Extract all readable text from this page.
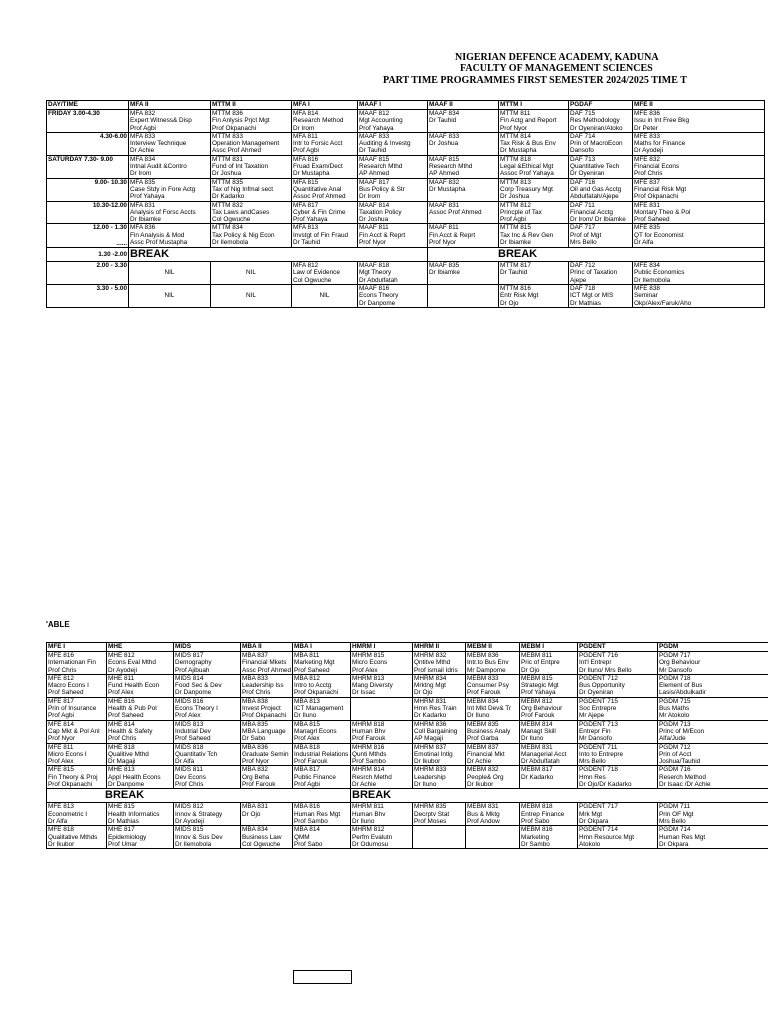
NIGERIAN DEFENCE ACADEMY, KADUNA
FACULTY OF MANAGEMENT SCIENCES
PART TIME PROGRAMMES FIRST SEMESTER 2024/2025 TIME T
DAY/TIME	MFA II	MTTM II	MFA I	MAAF I	MAAF II	MTTM I	PGDAF	MFE II

FRIDAY 3.00-4.30	MFA 832
Expert Witness& Disp
Prof Agbi	MTTM 836
Fin Anlysis Prjct Mgt
Prof Okpanachi	MFA 814
Research Method
Dr Irom	MAAF 812
Mgt Accounting
Prof Yahaya	MAAF 834
Dr Tauhid	MTTM 811
Fin Actg and Report
Prof Nyor	DAF 715
Res Methodology
Dr Oyeniran/Atoko	MFE 836
Issu in Int Free Bkg
Dr Peter

4.30-6.00	MFA 833
Interview Technique
Dr Achie	MTTM 833
Operation Management
Assc Prof Ahmed	MFA 811
Intr to Forsic Acct
Prof Agbi	MAAF 833
Auditing & Investg
Dr Tauhid	MAAF 833
Dr Joshua	MTTM 814
Tax Risk & Bus Env
Dr Mustapha	DAF 714
Prin of MacroEcon
Dansofo	MFE 833
Maths for Finance
Dr Ayodeji

SATURDAY 7.30- 9.00	MFA 834
Intnal Audit &Contro
Dr Irom	MTTM 831
Fund of Int Taxation
Dr Joshua	MFA 816
Fruad Exam/Dect
Dr Mustapha	MAAF 815
Research Mthd
AP Ahmed	MAAF 815
Research Mthd
AP Ahmed	MTTM 818
Legal &Ethical Mgt
Assoc Prof Yahaya	DAF 713
Quantitative Tech
Dr Oyeniran	MFE 832
Financial Econs
Prof Chris

9.00- 10.30	MFA 835
Case Stdy in Fore Actg
Prof Yahaya	MTTM 835
Tax of Nig Infmal sect
Dr Kadarko	MFA 815
Quantitative Anal
Assoc Prof Ahmed	MAAF 817
Bus Policy & Str
Dr Irom	MAAF 832
Dr Mustapha	MTTM 813
Corp Treasury Mgt
Dr Joshua	DAF 716
Oil and Gas Acctg
Abdulfatah/Ajepe	MFE 837
Financial Risk Mgt
Prof Okpanachi

10.30-12.00	MFA 831
Analysis of Forsc Accts
Dr Ibiamke	MTTM 832
Tax Laws andCases
Col Ogwuche	MFA 817
Cyber & Fin Crime
Prof Yahaya	MAAF 814
Taxation Policy
Dr Joshua	MAAF 831
Assoc Prof Ahmed	MTTM 812
Princple of Tax
Prof Agbi	DAF 711
Financial Acctg
Dr Irom/ Dr Ibiamke	MFE 831
Montary Theo & Pol
Prof Saheed

12.00 - 1.30
......	MFA 836
Fin Analysis & Mod
Assc Prof Mustapha	MTTM 834
Tax Policy & Nig Econ
Dr Ilemobola	MFA 813
Invstgt of Fin Fraud
Dr Tauhid	MAAF 811
Fin Acct & Reprt
Prof Nyor	MAAF 811
Fin Acct & Reprt
Prof Nyor	MTTM 815
Tax Inc & Rev Gen
Dr Ibiamke	DAF 717
Prof of Mgt
Mrs Bello	MFE 835
QT for Economist
Dr Alfa

1.30 -2.00	BREAK				BREAK			

2.00 - 3.30	NIL	NIL	MFA 812
Law of Evidence
Col Ogwuche	MAAF 818
Mgt Theory
Dr Abdulfatah	MAAF 835
Dr Ibiamke	MTTM 817
Dr Tauhid	DAF 712
Princ of Taxation
Ajepe	MFE 834
Public Economics
Dr Ilemobola

3.30 - 5.00	NIL	NIL	NIL	MAAF 816
Econs Theory
Dr Danpome		MTTM 816
Entr Risk Mgt
Dr Ojo	DAF 718
ICT Mgt or MIS
Dr Mathias	MFE 838
Seminar
Okp/Alex/Faruk/Aho
'ABLE
MFE I	MHE	MIDS	MBA II	MBA I	HMRM I	MHRM II	MEBM II	MEBM I	PGDENT	PGDM

MFE 816
Internationan Fin
Prof Chris	MHE 812
Econs Eval Mthd
Dr Ayodeji	MIDS 817
Demography
Prof Ajibuah	MBA 837
Financial Mkets
Assc Prof Ahmed	MBA 811
Marketing Mgt
Prof Saheed	MHRM 815
Micro Econs
Prof Alex	MHRM 832
Qntitve Mthd
Prof ismail Idris	MEBM 836
Intr.to Bus Env
Mr Dampome	MEBM 811
Pric of Entpre
Dr Ojo	PGDENT 716
Int'l Entrepr
Dr Iluno/ Mrs Bello	PGDM 717
Org Behaviour
Mr Dansofo

MFE 812
Macro Econs I
Prof Saheed	MHE 811
Fund Health Econ
Prof Alex	MIDS 814
Food Sec & Dev
Dr Danpome	MBA 833
Leadership Iss
Prof Chris	MBA 812
Intro to Acctg
Prof Okpanachi	MHRM 813
Mang Diversty
Dr Issac	MHRM 834
Mrktng Mgt
Dr Ojo	MEBM 833
Consumer Psy
Prof Farouk	MEBM 815
Strategic Mgt
Prof Yahaya	PGDENT 712
Bus Opportunity
Dr Oyeniran	PGDM 718
Element of Bus
Lasis/Abdulkadir

MFE 817
Prin of Insurance
Prof Agbi	MHE 816
Health & Pub Pol
Prof Saheed	MIDS 816
Econs Theory I
Prof Alex	MBA 838
Invest Project
Prof Okpanachi	MBA 813
ICT Management
Dr Iluno		MHRM 831
Hmn Res Train
Dr Kadarko	MEBM 834
Int Mkt Dev& Tr
Dr Iluno	MEBM 812
Org Behaviour
Prof Farouk	PGDENT 715
Soc Entrepre
Mr Ajepe	PGDM 715
Bus Maths
Mr Atokolo

MFE 814
Cap Mkt & Pol Anl
Prof Nyor	MHE 814
Health & Safety
Prof Chris	MIDS 813
Indutrial Dev
Prof Saheed	MBA 835
MBA Language
Dr Sabo	MBA 815
Managrl Econs
Prof Alex	MHRM 818
Human Bhv
Prof Farouk	MHRM 836
Coll Bargaining
AP Magaji	MEBM 835
Business Analy
Prof Garba	MEBM 814
Managt Skill
Dr Iluno	PGDENT 713
Entrepr Fin
Mr Dansofo	PGDM 713
Princ of M/Econ
Alfa/Jude

MFE 811
Micro Econs I
Prof Alex	MHE 818
Qualitive Mthd
Dr Magaji	MIDS 818
Quantitativ Tch
Dr Alfa	MBA 836
Graduate Semin
Prof Nyor	MBA 818
Industrial Relations
Prof Farouk	MHRM 816
Qunti Mthds
Prof Sambo	MHRM 837
Emotinal Intlg
Dr Ikubor	MEBM 837
Financial Mkt
Dr Achie	MEBM 831
Managerial Acct
Dr Abdulfatah	PGDENT 711
Into to Entrepre
Mrs Bello	PGDM 712
Prin of Acct
Joshua/Tauhid

MFE 815
Fin Theory & Proj
Prof Okpanachi	MHE 813
Appl Health Econs
Dr Danpome	MIDS 811
Dev Econs
Prof Chris	MBA 832
Org Beha
Prof Farouk	MBA 817
Public Finance
Prof Agbi	MHRM 814
Resrch Methd
Dr Achie	MHRM 833
Leadership
Dr Iluno	MEBM 832
People& Org
Dr Ikubor	MEBM 817
Dr Kadarko	PGDENT 718
Hmn Res
Dr Ojo/Dr Kadarko	PGDM 716
Reserch Method
Dr Isaac /Dr Achie

BREAK					BREAK					

MFE 813
Econometric I
Dr Alfa	MHE 815
Health Informatics
Dr Mathias	MIDS 812
Innov & Strategy
Dr Ayodeji	MBA 831
Dr Ojo	MBA 816
Human Res Mgt
Prof Sambo	MHRM 811
Human Bhv
Dr Iluno	MHRM 835
Decrptv Stat
Prof Moses	MEBM 831
Bus & Mktg
Prof Andow	MEBM 818
Entrep Finance
Prof Sabo	PGDENT 717
Mrk Mgt
Dr Okpara	PGDM 711
Prin OF Mgt
Mrs Bello

MFE 818
Qualitative Mthds
Dr Ikubor	MHE 817
Epidemiology
Prof Umar	MIDS 815
Innov & Sus Dev
Dr Ilemobola	MBA 834
Business Law
Col Ogwuche	MBA 814
QMM
Prof Sabo	MHRM 812
Perfm Evalutn
Dr Odumosu			MEBM 816
Marketing
Dr Sambo	PGDENT 714
Hmn Resource Mgt
Atokolo	PGDM 714
Human Res Mgt
Dr Okpara
